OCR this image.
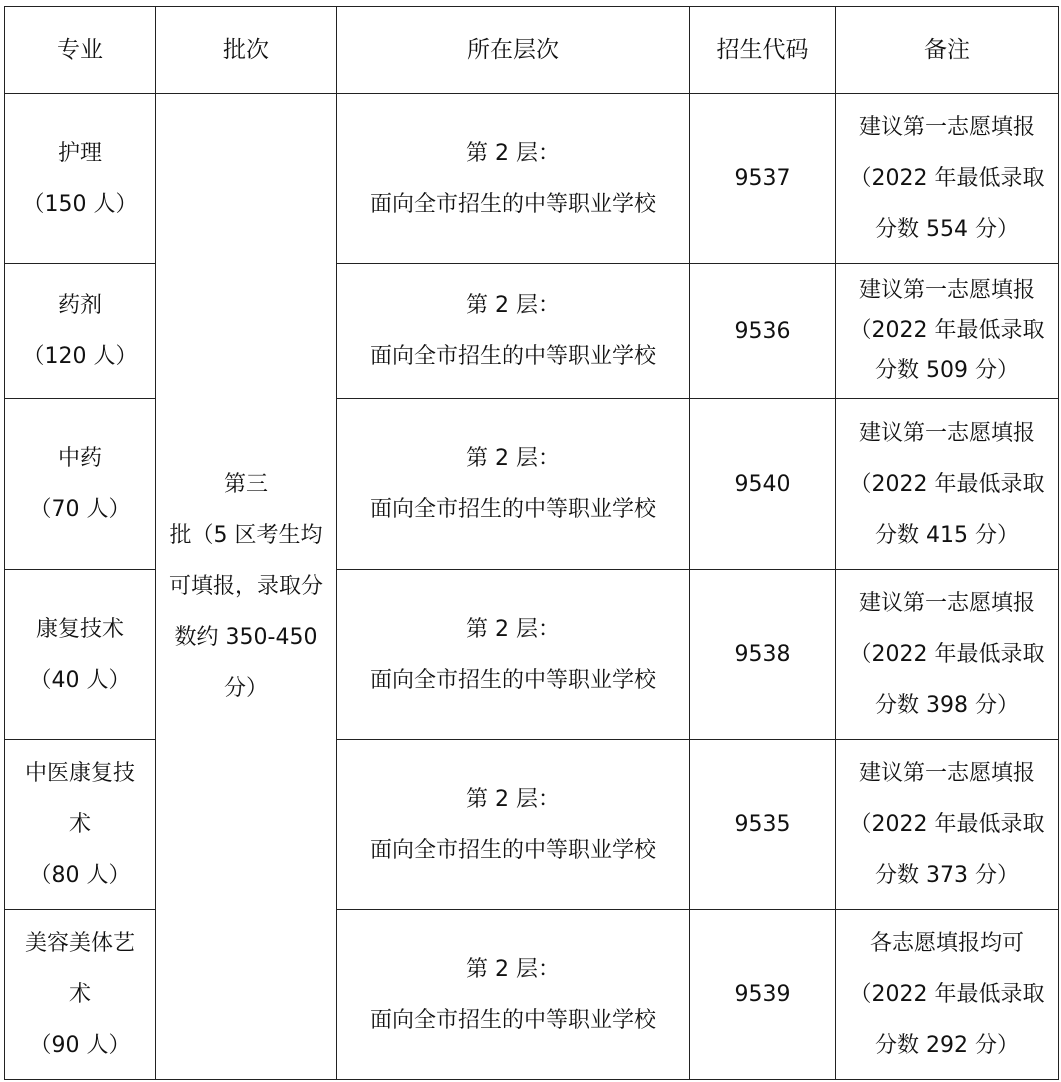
专业	批次	所在层次	招生代码	备注

护理
（150 人）	第三
批（5 区考生均
可填报，录取分
数约 350-450
分）	第 2 层：
面向全市招生的中等职业学校	9537	建议第一志愿填报
（2022 年最低录取
分数 554 分）

药剂
（120 人）		第 2 层：
面向全市招生的中等职业学校	9536	建议第一志愿填报
（2022 年最低录取
分数 509 分）

中药
（70 人）		第 2 层：
面向全市招生的中等职业学校	9540	建议第一志愿填报
（2022 年最低录取
分数 415 分）

康复技术
（40 人）		第 2 层：
面向全市招生的中等职业学校	9538	建议第一志愿填报
（2022 年最低录取
分数 398 分）

中医康复技
术
（80 人）		第 2 层：
面向全市招生的中等职业学校	9535	建议第一志愿填报
（2022 年最低录取
分数 373 分）

美容美体艺
术
（90 人）		第 2 层：
面向全市招生的中等职业学校	9539	各志愿填报均可
（2022 年最低录取
分数 292 分）
